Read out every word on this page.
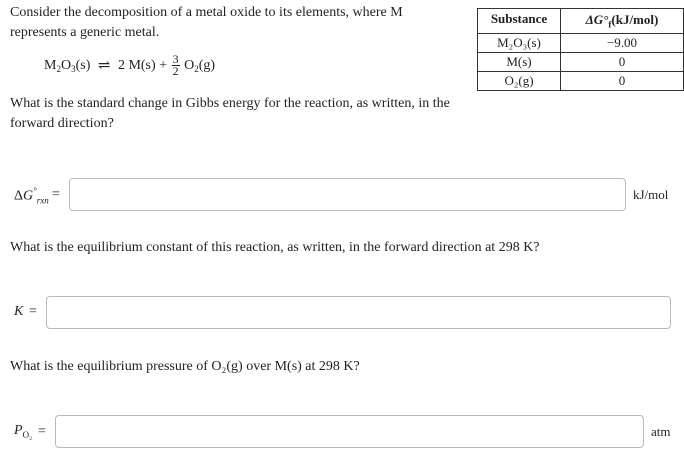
Consider the decomposition of a metal oxide to its elements, where M represents a generic metal.
$M_2O_3(s)$ ⇌ 2 $M(s) + \frac{3}{2} O_2(g)$
What is the standard change in Gibbs energy for the reaction, as written, in the forward direction?
Substance	$\Delta G^\circ_f(kJ/mol)$
M₂O₃(s)	−9.00
M(s)	0
O₂(g)	0
$\Delta G^\circ_{rxn}$ =	kJ/mol
What is the equilibrium constant of this reaction, as written, in the forward direction at 298 K?
K =
What is the equilibrium pressure of O₂(g) over M(s) at 298 K?
$P_{O_2}$ =	atm
